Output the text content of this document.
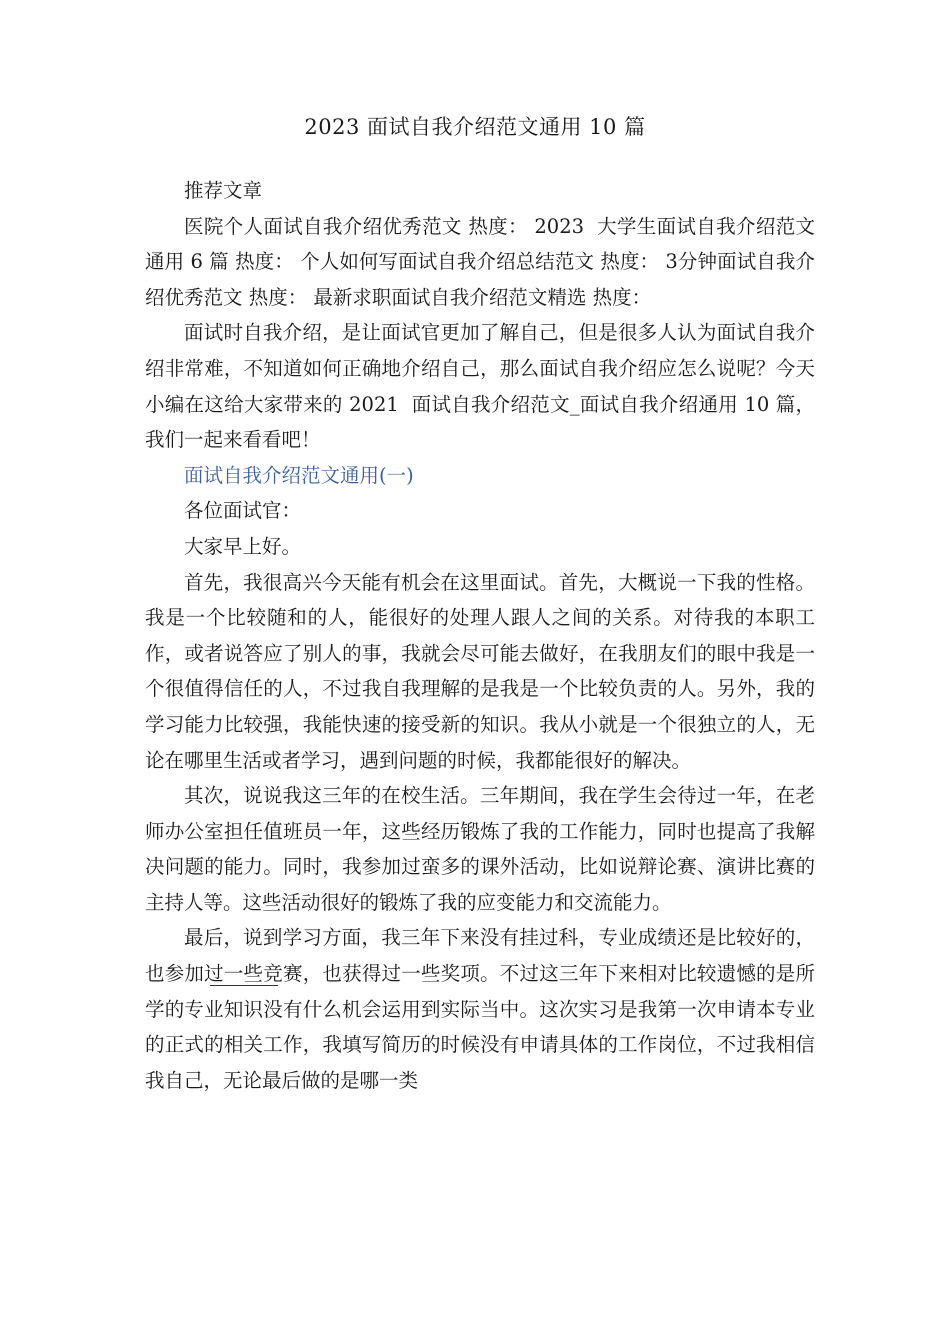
2023 面试自我介绍范文通用 10 篇

推荐文章

医院个人面试自我介绍优秀范文 热度： 2023  大学生面试自我介绍范文通用 6 篇 热度： 个人如何写面试自我介绍总结范文 热度： 3分钟面试自我介绍优秀范文 热度： 最新求职面试自我介绍范文精选 热度：

面试时自我介绍，是让面试官更加了解自己，但是很多人认为面试自我介绍非常难，不知道如何正确地介绍自己，那么面试自我介绍应怎么说呢？今天小编在这给大家带来的 2021  面试自我介绍范文_面试自我介绍通用 10 篇，我们一起来看看吧！

面试自我介绍范文通用(一)

各位面试官：

大家早上好。

首先，我很高兴今天能有机会在这里面试。首先，大概说一下我的性格。我是一个比较随和的人，能很好的处理人跟人之间的关系。对待我的本职工作，或者说答应了别人的事，我就会尽可能去做好，在我朋友们的眼中我是一个很值得信任的人，不过我自我理解的是我是一个比较负责的人。另外，我的学习能力比较强，我能快速的接受新的知识。我从小就是一个很独立的人，无论在哪里生活或者学习，遇到问题的时候，我都能很好的解决。

其次，说说我这三年的在校生活。三年期间，我在学生会待过一年，在老师办公室担任值班员一年，这些经历锻炼了我的工作能力，同时也提高了我解决问题的能力。同时，我参加过蛮多的课外活动，比如说辩论赛、演讲比赛的主持人等。这些活动很好的锻炼了我的应变能力和交流能力。

最后，说到学习方面，我三年下来没有挂过科，专业成绩还是比较好的，也参加过一些竞赛，也获得过一些奖项。不过这三年下来相对比较遗憾的是所学的专业知识没有什么机会运用到实际当中。这次实习是我第一次申请本专业的正式的相关工作，我填写简历的时候没有申请具体的工作岗位，不过我相信我自己，无论最后做的是哪一类
